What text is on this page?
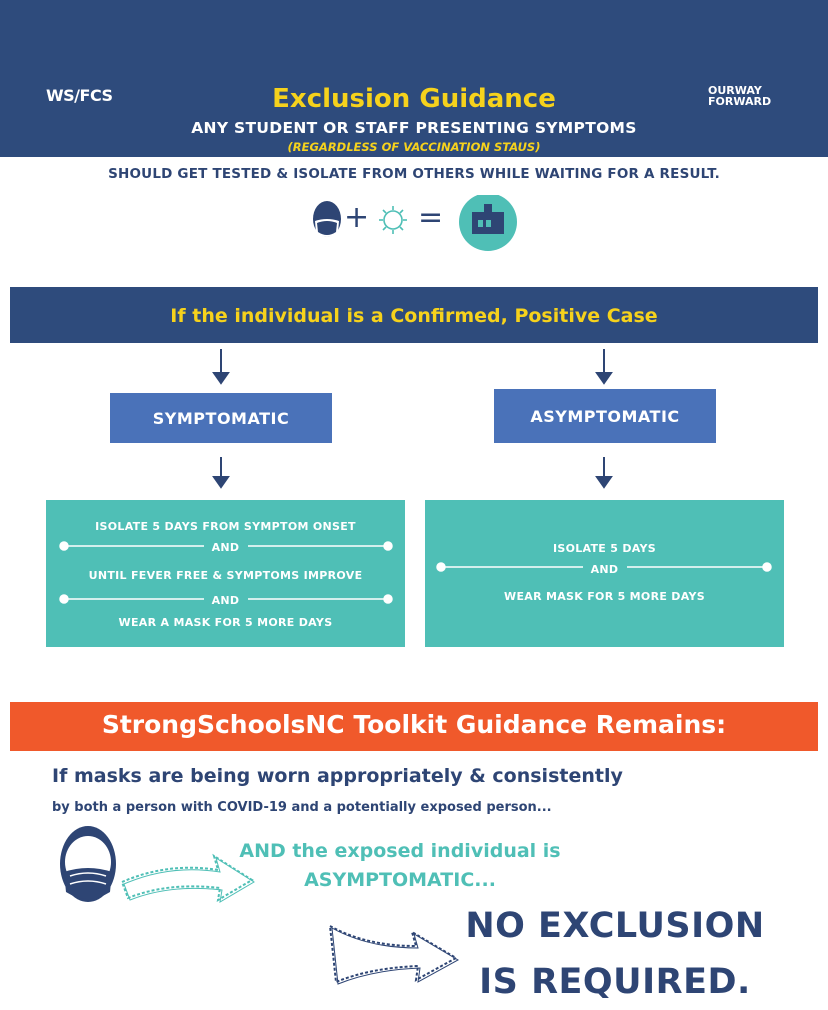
WS/FCS	OURWAY
FORWARD
Exclusion Guidance
ANY STUDENT OR STAFF PRESENTING SYMPTOMS
(REGARDLESS OF VACCINATION STAUS)
SHOULD GET TESTED & ISOLATE FROM OTHERS WHILE WAITING FOR A RESULT.
+ =
If the individual is a Confirmed, Positive Case
SYMPTOMATIC	ASYMPTOMATIC
ISOLATE 5 DAYS FROM SYMPTOM ONSET
AND
UNTIL FEVER FREE & SYMPTOMS IMPROVE
AND
WEAR A MASK FOR 5 MORE DAYS
ISOLATE 5 DAYS
AND
WEAR MASK FOR 5 MORE DAYS
StrongSchoolsNC Toolkit Guidance Remains:
If masks are being worn appropriately & consistently
by both a person with COVID-19 and a potentially exposed person...
AND the exposed individual is
ASYMPTOMATIC...
NO EXCLUSION
IS REQUIRED.
